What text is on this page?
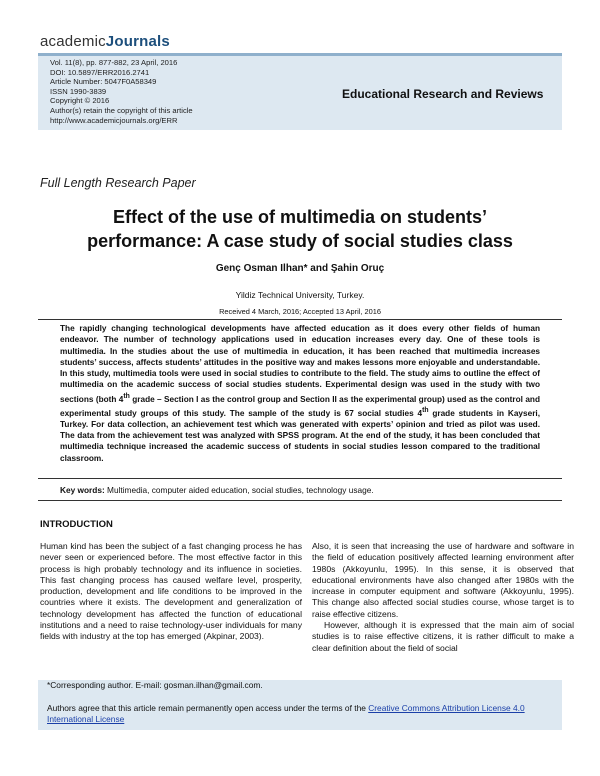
academicJournals
Vol. 11(8), pp. 877-882, 23 April, 2016
DOI: 10.5897/ERR2016.2741
Article Number: 5047F0A58349
ISSN 1990-3839
Copyright © 2016
Author(s) retain the copyright of this article
http://www.academicjournals.org/ERR
Educational Research and Reviews
Full Length Research Paper
Effect of the use of multimedia on students’
performance: A case study of social studies class
Genç Osman Ilhan* and Şahin Oruç
Yildiz Technical University, Turkey.
Received 4 March, 2016; Accepted 13 April, 2016
The rapidly changing technological developments have affected education as it does every other fields of human endeavor. The number of technology applications used in education increases every day. One of these tools is multimedia. In the studies about the use of multimedia in education, it has been reached that multimedia increases students’ success, affects students’ attitudes in the positive way and makes lessons more enjoyable and understandable. In this study, multimedia tools were used in social studies to contribute to the field. The study aims to outline the effect of multimedia on the academic success of social studies students. Experimental design was used in the study with two sections (both 4th grade – Section I as the control group and Section II as the experimental group) used as the control and experimental study groups of this study. The sample of the study is 67 social studies 4th grade students in Kayseri, Turkey. For data collection, an achievement test which was generated with experts’ opinion and tried as pilot was used. The data from the achievement test was analyzed with SPSS program. At the end of the study, it has been concluded that multimedia technique increased the academic success of students in social studies lesson compared to the traditional classroom.
Key words: Multimedia, computer aided education, social studies, technology usage.
INTRODUCTION

Human kind has been the subject of a fast changing process he has never seen or experienced before. The most effective factor in this process is high probably technology and its influence in societies. This fast changing process has caused welfare level, prosperity, production, development and life conditions to be improved in the countries where it exists. The development and generalization of technology development has affected the function of educational institutions and a need to raise technology-user individuals for many fields with industry at the top has emerged (Akpinar, 2003).

Also, it is seen that increasing the use of hardware and software in the field of education positively affected learning environment after 1980s (Akkoyunlu, 1995). In this sense, it is observed that educational environments have also changed after 1980s with the increase in computer equipment and software (Akkoyunlu, 1995). This change also affected social studies course, whose target is to raise effective citizens.

However, although it is expressed that the main aim of social studies is to raise effective citizens, it is rather difficult to make a clear definition about the field of social

*Corresponding author. E-mail: gosman.ilhan@gmail.com.
Authors agree that this article remain permanently open access under the terms of the Creative Commons Attribution License 4.0 International License
